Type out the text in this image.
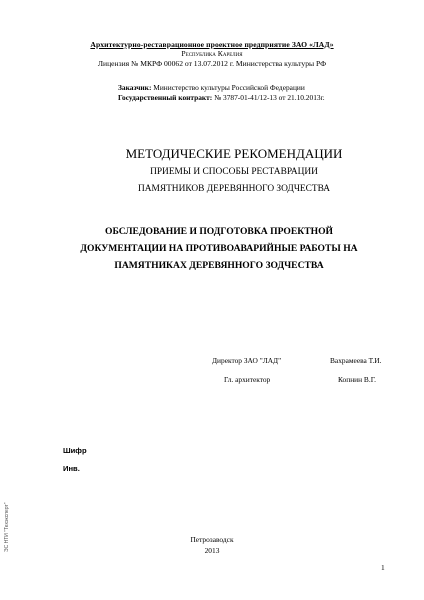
Архитектурно-реставрационное проектное предприятие ЗАО «ЛАД»
Республика Карелия
Лицензия № МКРФ 00062 от 13.07.2012 г. Министерства культуры РФ
Заказчик: Министерство культуры Российской Федерации
Государственный контракт: № 3787-01-41/12-13 от 21.10.2013г.
МЕТОДИЧЕСКИЕ РЕКОМЕНДАЦИИ
ПРИЕМЫ И СПОСОБЫ РЕСТАВРАЦИИ
ПАМЯТНИКОВ ДЕРЕВЯННОГО ЗОДЧЕСТВА
ОБСЛЕДОВАНИЕ И ПОДГОТОВКА ПРОЕКТНОЙ
ДОКУМЕНТАЦИИ НА ПРОТИВОАВАРИЙНЫЕ РАБОТЫ НА
ПАМЯТНИКАХ ДЕРЕВЯННОГО ЗОДЧЕСТВА
Директор ЗАО "ЛАД"	Вахрамеева Т.И.
Гл. архитектор	Копнин В.Г.
Шифр
Инв.
Петрозаводск
2013
1
ЭС НТИ "Техэксперт"
